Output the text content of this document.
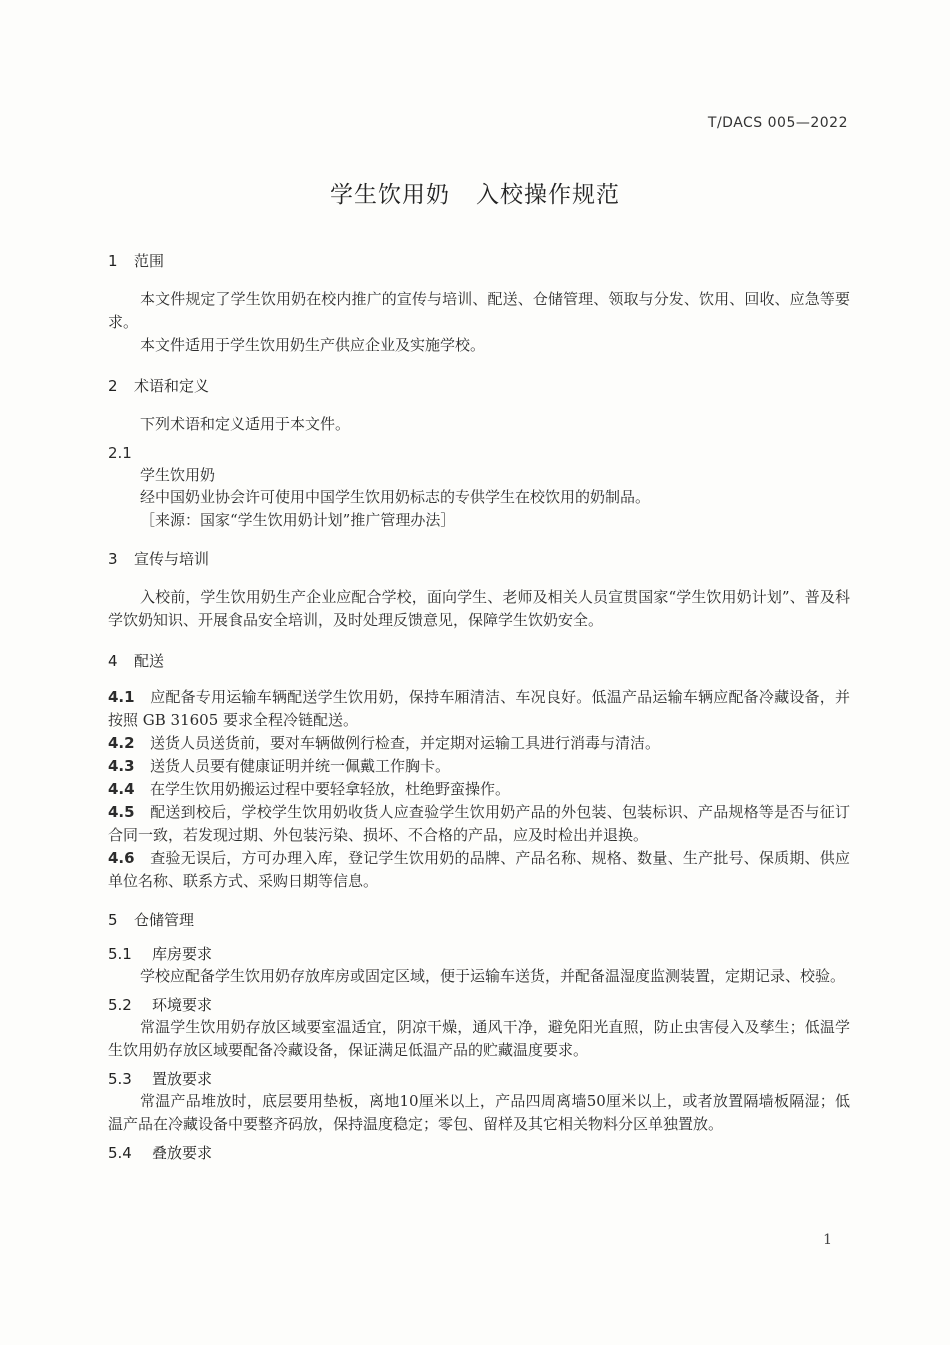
T/DACS 005—2022
学生饮用奶 入校操作规范
1 范围

本文件规定了学生饮用奶在校内推广的宣传与培训、配送、仓储管理、领取与分发、饮用、回收、应急等要求。

本文件适用于学生饮用奶生产供应企业及实施学校。

2 术语和定义

下列术语和定义适用于本文件。

2.1
学生饮用奶

经中国奶业协会许可使用中国学生饮用奶标志的专供学生在校饮用的奶制品。

［来源：国家“学生饮用奶计划”推广管理办法］

3 宣传与培训

入校前，学生饮用奶生产企业应配合学校，面向学生、老师及相关人员宣贯国家“学生饮用奶计划”、普及科学饮奶知识、开展食品安全培训，及时处理反馈意见，保障学生饮奶安全。

4 配送

4.1 应配备专用运输车辆配送学生饮用奶，保持车厢清洁、车况良好。低温产品运输车辆应配备冷藏设备，并按照 GB 31605 要求全程冷链配送。

4.2 送货人员送货前，要对车辆做例行检查，并定期对运输工具进行消毒与清洁。

4.3 送货人员要有健康证明并统一佩戴工作胸卡。

4.4 在学生饮用奶搬运过程中要轻拿轻放，杜绝野蛮操作。

4.5 配送到校后，学校学生饮用奶收货人应查验学生饮用奶产品的外包装、包装标识、产品规格等是否与征订合同一致，若发现过期、外包装污染、损坏、不合格的产品，应及时检出并退换。

4.6 查验无误后，方可办理入库，登记学生饮用奶的品牌、产品名称、规格、数量、生产批号、保质期、供应单位名称、联系方式、采购日期等信息。

5 仓储管理
5.1 库房要求

学校应配备学生饮用奶存放库房或固定区域，便于运输车送货，并配备温湿度监测装置，定期记录、校验。

5.2 环境要求

常温学生饮用奶存放区域要室温适宜，阴凉干燥，通风干净，避免阳光直照，防止虫害侵入及孳生；低温学生饮用奶存放区域要配备冷藏设备，保证满足低温产品的贮藏温度要求。

5.3 置放要求

常温产品堆放时，底层要用垫板，离地10厘米以上，产品四周离墙50厘米以上，或者放置隔墙板隔湿；低温产品在冷藏设备中要整齐码放，保持温度稳定；零包、留样及其它相关物料分区单独置放。

5.4 叠放要求
1
